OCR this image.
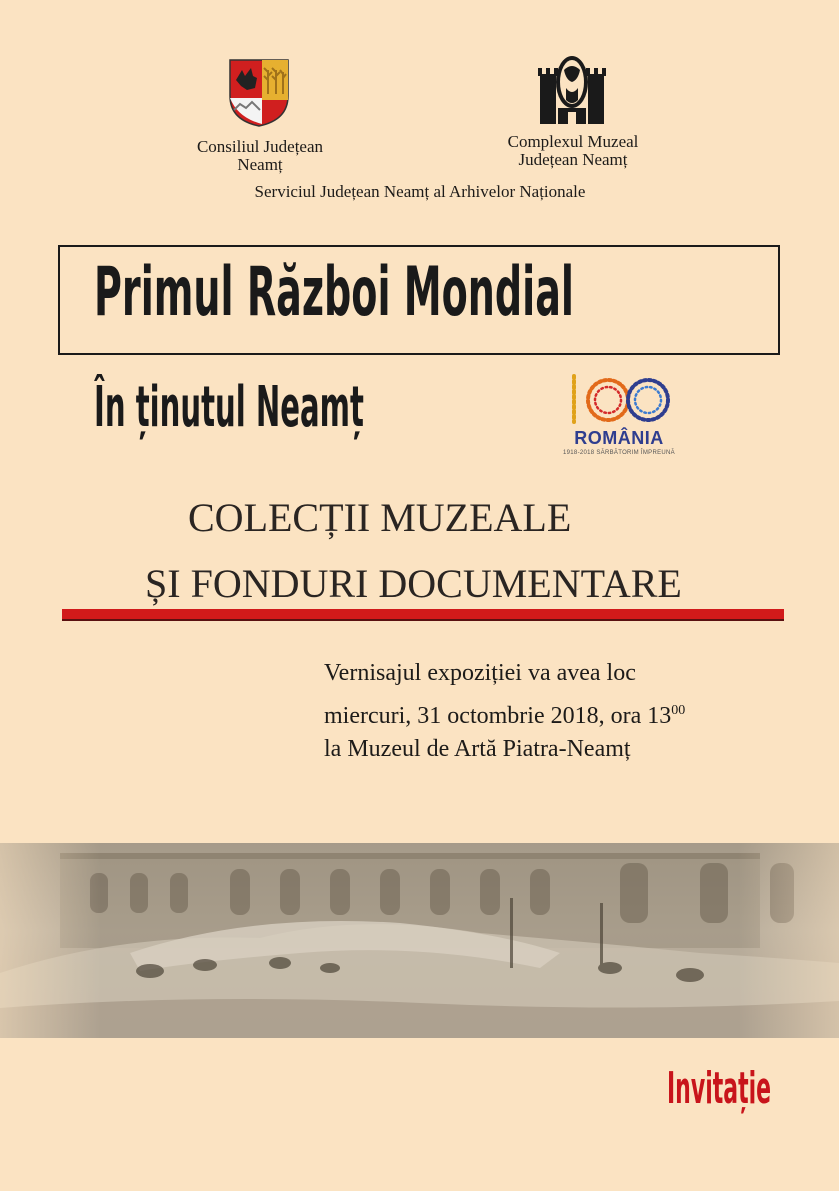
Consiliul Județean
Neamț
Complexul Muzeal
Județean Neamț
Serviciul Județean Neamț al Arhivelor Naționale
Primul Război Mondial
În ținutul Neamț	ROMÂNIA
1918-2018 SĂRBĂTORIM ÎMPREUNĂ
COLECȚII MUZEALE
ȘI FONDURI DOCUMENTARE
Vernisajul expoziției va avea loc
miercuri, 31 octombrie 2018, ora $13^{00}$
la Muzeul de Artă Piatra-Neamț
Invitație
